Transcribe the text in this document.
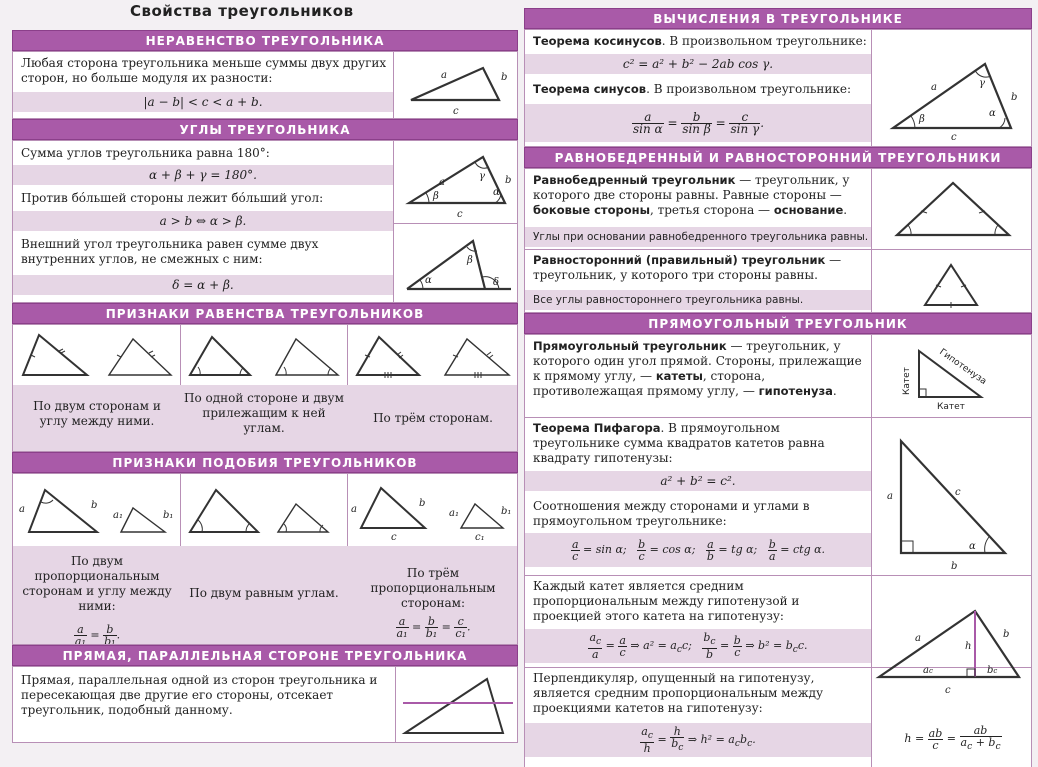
Свойства треугольников
НЕРАВЕНСТВО ТРЕУГОЛЬНИКА
Любая сторона треугольника меньше суммы двух других сторон, но больше модуля их разности:
|a − b| < c < a + b.
a	b
c
УГЛЫ ТРЕУГОЛЬНИКА
Сумма углов треугольника равна 180°:
α + β + γ = 180°.
Против бóльшей стороны лежит бóльший угол:
a > b ⇔ α > β.
Внешний угол треугольника равен сумме двух внутренних углов, не смежных с ним:
δ = α + β.
a	b
c
β	α
γ
α
β
δ
ПРИЗНАКИ РАВЕНСТВА ТРЕУГОЛЬНИКОВ
По двум сторонам и углу между ними.
По одной стороне и двум прилежащим к ней углам.
По трём сторонам.
ПРИЗНАКИ ПОДОБИЯ ТРЕУГОЛЬНИКОВ
a	b
a₁	b₁
По двум пропорциональным сторонам и углу между ними:
$\frac{a}{\text{a₁}} = \frac{b}{\text{b₁}}$ .
По двум равным углам.
a
b
c
a₁	b₁
c₁
По трём пропорциональным сторонам:
$\frac{a}{\text{a₁}} = \frac{b}{\text{b₁}} = \frac{c}{\text{c₁}}$ .
ПРЯМАЯ, ПАРАЛЛЕЛЬНАЯ СТОРОНЕ ТРЕУГОЛЬНИКА
Прямая, параллельная одной из сторон треугольника и пересекающая две другие его стороны, отсекает треугольник, подобный данному.
ВЫЧИСЛЕНИЯ В ТРЕУГОЛЬНИКЕ
Теорема косинусов. В произвольном треугольнике:
c² = a² + b² − 2ab cos γ.
Теорема синусов. В произвольном треугольнике:
$\frac{a}{\text{sin α}} = \frac{b}{\text{sin β}} = \frac{c}{\text{sin γ}}$ .
a
b
c
β
α
γ
РАВНОБЕДРЕННЫЙ И РАВНОСТОРОННИЙ ТРЕУГОЛЬНИКИ
Равнобедренный треугольник — треугольник, у которого две стороны равны. Равные стороны — боковые стороны, третья сторона — основание.
Углы при основании равнобедренного треугольника равны.
Равносторонний (правильный) треугольник — треугольник, у которого три стороны равны.
Все углы равностороннего треугольника равны.
ПРЯМОУГОЛЬНЫЙ ТРЕУГОЛЬНИК
Прямоугольный треугольник — треугольник, у которого один угол прямой. Стороны, прилежащие к прямому углу, — катеты, сторона, противолежащая прямому углу, — гипотенуза.	Катет
Катет
Гипотенуза
Теорема Пифагора. В прямоугольном треугольнике сумма квадратов катетов равна квадрату гипотенузы:
a² + b² = c².
Соотношения между сторонами и углами в прямоугольном треугольнике:
$\frac{a}{c} = \sin \alpha$; $\frac{b}{c} = \cos \alpha$; $\frac{a}{b}$ = tg α; $\frac{b}{a}$ = ctg α.
a	c
b
α
Каждый катет является средним пропорциональным между гипотенузой и проекцией этого катета на гипотенузу:
$\frac{a_c}{a} = \frac{a}{c}$ ⇒ $a^2 = a_cc$; $\frac{b_c}{b} = \frac{b}{c}$ ⇒ $b^2 = b_cc$.
Перпендикуляр, опущенный на гипотенузу, является средним пропорциональным между проекциями катетов на гипотенузу:
$\frac{a_c}{h} = \frac{h}{b_c}$ ⇒ $h^2 = a_cb_c$.
a	b
h
ac	bc
c
$h = \frac{ab}{c} = \frac{ab}{a_c + b_c}$
